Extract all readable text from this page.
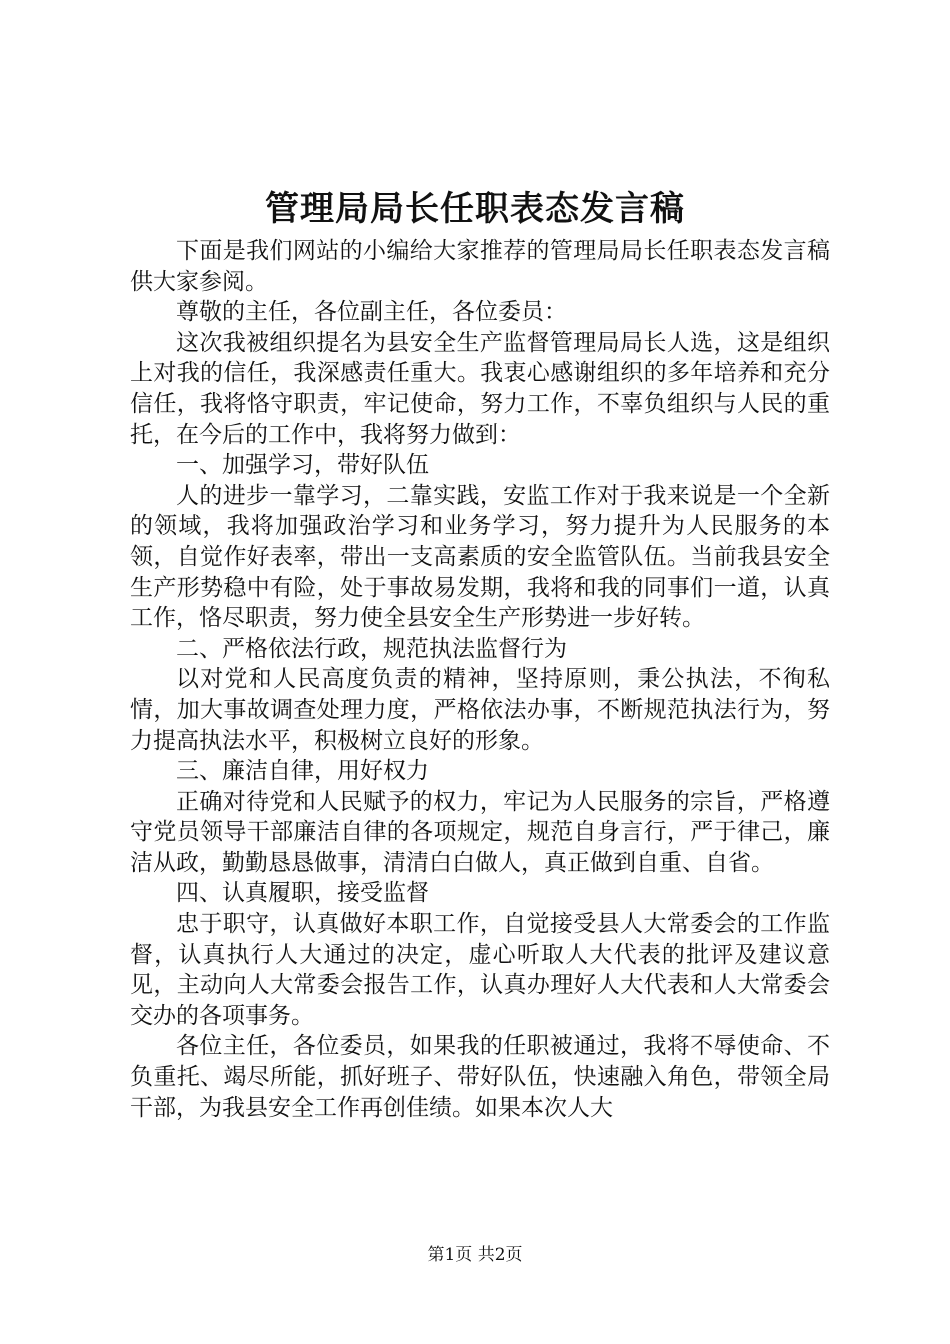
管理局局长任职表态发言稿

下面是我们网站的小编给大家推荐的管理局局长任职表态发言稿供大家参阅。

尊敬的主任，各位副主任，各位委员：

这次我被组织提名为县安全生产监督管理局局长人选，这是组织上对我的信任，我深感责任重大。我衷心感谢组织的多年培养和充分信任，我将恪守职责，牢记使命，努力工作，不辜负组织与人民的重托，在今后的工作中，我将努力做到：

一、加强学习，带好队伍

人的进步一靠学习，二靠实践，安监工作对于我来说是一个全新的领域，我将加强政治学习和业务学习，努力提升为人民服务的本领，自觉作好表率，带出一支高素质的安全监管队伍。当前我县安全生产形势稳中有险，处于事故易发期，我将和我的同事们一道，认真工作，恪尽职责，努力使全县安全生产形势进一步好转。

二、严格依法行政，规范执法监督行为

以对党和人民高度负责的精神，坚持原则，秉公执法，不徇私情，加大事故调查处理力度，严格依法办事，不断规范执法行为，努力提高执法水平，积极树立良好的形象。

三、廉洁自律，用好权力

正确对待党和人民赋予的权力，牢记为人民服务的宗旨，严格遵守党员领导干部廉洁自律的各项规定，规范自身言行，严于律己，廉洁从政，勤勤恳恳做事，清清白白做人，真正做到自重、自省。

四、认真履职，接受监督

忠于职守，认真做好本职工作，自觉接受县人大常委会的工作监督，认真执行人大通过的决定，虚心听取人大代表的批评及建议意见，主动向人大常委会报告工作，认真办理好人大代表和人大常委会交办的各项事务。

各位主任，各位委员，如果我的任职被通过，我将不辱使命、不负重托、竭尽所能，抓好班子、带好队伍，快速融入角色，带领全局干部，为我县安全工作再创佳绩。如果本次人大

第1页 共2页
